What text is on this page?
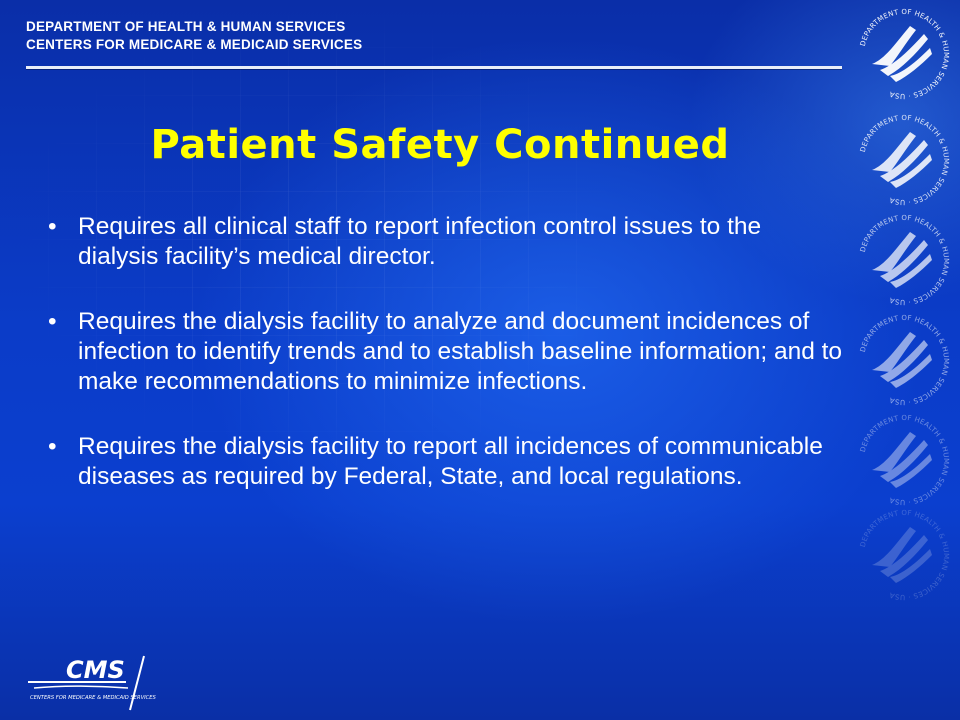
DEPARTMENT OF HEALTH & HUMAN SERVICES
CENTERS FOR MEDICARE & MEDICAID SERVICES
Patient Safety Continued
• Requires all clinical staff to report infection control issues to the dialysis facility’s medical director.
• Requires the dialysis facility to analyze and document incidences of infection to identify trends and to establish baseline information; and to make recommendations to minimize infections.
• Requires the dialysis facility to report all incidences of communicable diseases as required by Federal, State, and local regulations.
DEPARTMENT OF HEALTH & HUMAN SERVICES · USA
DEPARTMENT OF HEALTH & HUMAN SERVICES · USA
DEPARTMENT OF HEALTH & HUMAN SERVICES · USA
DEPARTMENT OF HEALTH & HUMAN SERVICES · USA
DEPARTMENT OF HEALTH & HUMAN SERVICES · USA
DEPARTMENT OF HEALTH & HUMAN SERVICES · USA
CMS
CENTERS FOR MEDICARE & MEDICAID SERVICES
